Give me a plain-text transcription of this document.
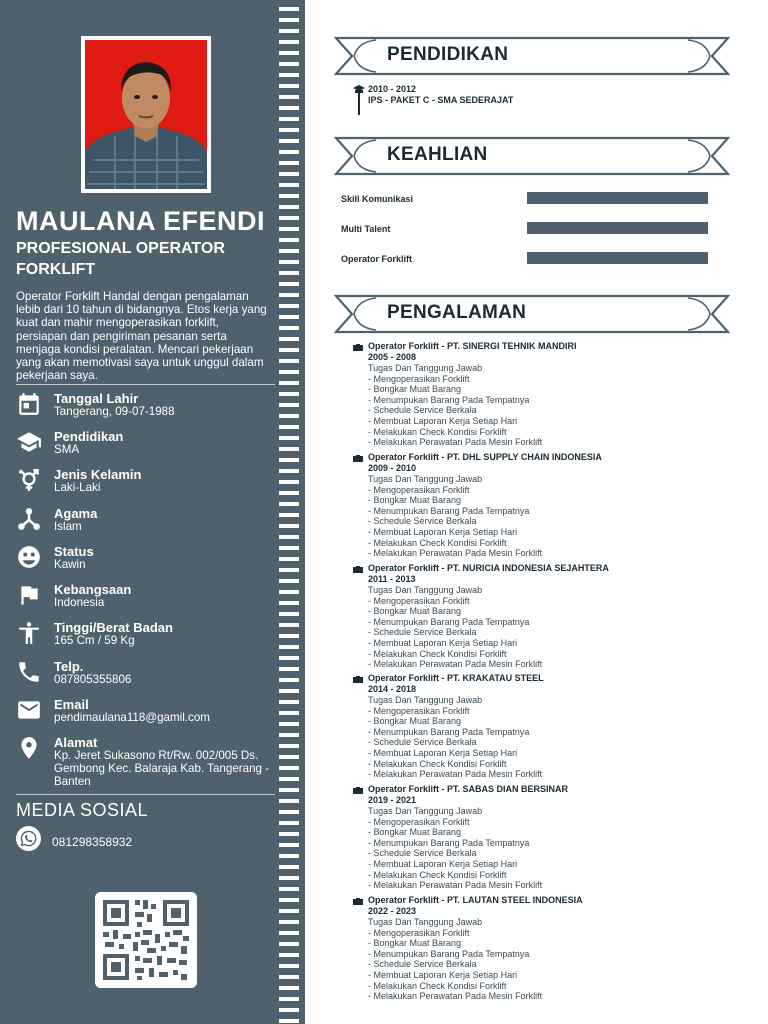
MAULANA EFENDI
PROFESIONAL OPERATOR FORKLIFT

Operator Forklift Handal dengan pengalaman lebib dari 10 tahun di bidangnya. Etos kerja yang kuat dan mahir mengoperasikan forklift, persiapan dan pengiriman pesanan serta menjaga kondisi peralatan. Mencari pekerjaan yang akan memotivasi saya untuk unggul dalam pekerjaan saya.

Tanggal Lahir
Tangerang, 09-07-1988
Pendidikan
SMA
Jenis Kelamin
Laki-Laki
Agama
Islam
Status
Kawin
Kebangsaan
Indonesia
Tinggi/Berat Badan
165 Cm / 59 Kg
Telp.
087805355806
Email
pendimaulana118@gamil.com
Alamat
Kp. Jeret Sukasono Rt/Rw. 002/005 Ds. Gembong Kec. Balaraja Kab. Tangerang - Banten
MEDIA SOSIAL
081298358932
PENDIDIKAN
2010 - 2012
IPS - PAKET C - SMA SEDERAJAT
KEAHLIAN
Skill Komunikasi
Multi Talent
Operator Forklift
PENGALAMAN
Operator Forklift - PT. SINERGI TEHNIK MANDIRI
2005 - 2008
Tugas Dan Tanggung Jawab
- Mengoperasikan Forklift
- Bongkar Muat Barang
- Menumpukan Barang Pada Tempatnya
- Schedule Service Berkala
- Membuat Laporan Kerja Setiap Hari
- Melakukan Check Kondisi Forklift
- Melakukan Perawatan Pada Mesin Forklift
Operator Forklift - PT. DHL SUPPLY CHAIN INDONESIA
2009 - 2010
Tugas Dan Tanggung Jawab
- Mengoperasikan Forklift
- Bongkar Muat Barang
- Menumpukan Barang Pada Tempatnya
- Schedule Service Berkala
- Membuat Laporan Kerja Setiap Hari
- Melakukan Check Kondisi Forklift
- Melakukan Perawatan Pada Mesin Forklift
Operator Forklift - PT. NURICIA INDONESIA SEJAHTERA
2011 - 2013
Tugas Dan Tanggung Jawab
- Mengoperasikan Forklift
- Bongkar Muat Barang
- Menumpukan Barang Pada Tempatnya
- Schedule Service Berkala
- Membuat Laporan Kerja Setiap Hari
- Melakukan Check Kondisi Forklift
- Melakukan Perawatan Pada Mesin Forklift
Operator Forklift - PT. KRAKATAU STEEL
2014 - 2018
Tugas Dan Tanggung Jawab
- Mengoperasikan Forklift
- Bongkar Muat Barang
- Menumpukan Barang Pada Tempatnya
- Schedule Service Berkala
- Membuat Laporan Kerja Setiap Hari
- Melakukan Check Kondisi Forklift
- Melakukan Perawatan Pada Mesin Forklift
Operator Forklift - PT. SABAS DIAN BERSINAR
2019 - 2021
Tugas Dan Tanggung Jawab
- Mengoperasikan Forklift
- Bongkar Muat Barang
- Menumpukan Barang Pada Tempatnya
- Schedule Service Berkala
- Membuat Laporan Kerja Setiap Hari
- Melakukan Check Kondisi Forklift
- Melakukan Perawatan Pada Mesin Forklift
Operator Forklift - PT. LAUTAN STEEL INDONESIA
2022 - 2023
Tugas Dan Tanggung Jawab
- Mengoperasikan Forklift
- Bongkar Muat Barang
- Menumpukan Barang Pada Tempatnya
- Schedule Service Berkala
- Membuat Laporan Kerja Setiap Hari
- Melakukan Check Kondisi Forklift
- Melakukan Perawatan Pada Mesin Forklift
